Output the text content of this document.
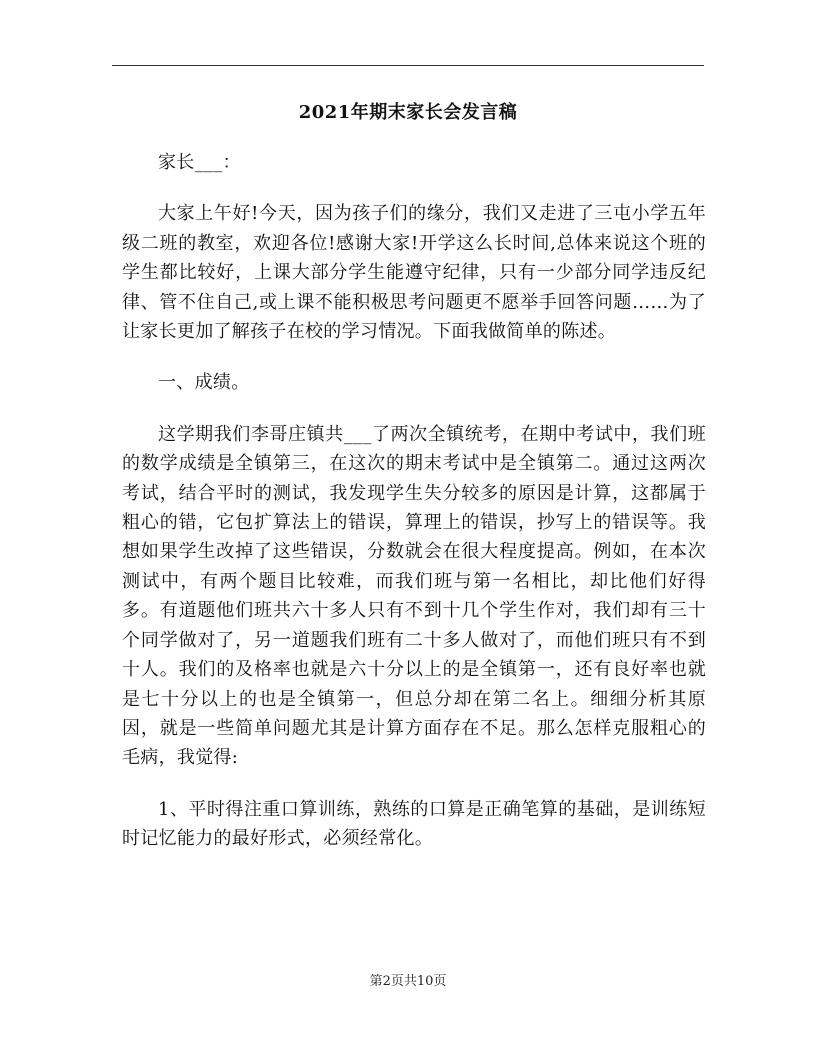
2021年期末家长会发言稿

家长___：

大家上午好!今天，因为孩子们的缘分，我们又走进了三屯小学五年级二班的教室，欢迎各位!感谢大家!开学这么长时间,总体来说这个班的学生都比较好，上课大部分学生能遵守纪律，只有一少部分同学违反纪律、管不住自己,或上课不能积极思考问题更不愿举手回答问题……为了让家长更加了解孩子在校的学习情况。下面我做简单的陈述。

一、成绩。

这学期我们李哥庄镇共___了两次全镇统考，在期中考试中，我们班的数学成绩是全镇第三，在这次的期末考试中是全镇第二。通过这两次考试，结合平时的测试，我发现学生失分较多的原因是计算，这都属于粗心的错，它包扩算法上的错误，算理上的错误，抄写上的错误等。我想如果学生改掉了这些错误，分数就会在很大程度提高。例如，在本次测试中，有两个题目比较难，而我们班与第一名相比，却比他们好得多。有道题他们班共六十多人只有不到十几个学生作对，我们却有三十个同学做对了，另一道题我们班有二十多人做对了，而他们班只有不到十人。我们的及格率也就是六十分以上的是全镇第一，还有良好率也就是七十分以上的也是全镇第一，但总分却在第二名上。细细分析其原因，就是一些简单问题尤其是计算方面存在不足。那么怎样克服粗心的毛病，我觉得:

1、平时得注重口算训练，熟练的口算是正确笔算的基础，是训练短时记忆能力的最好形式，必须经常化。

第2页共10页
